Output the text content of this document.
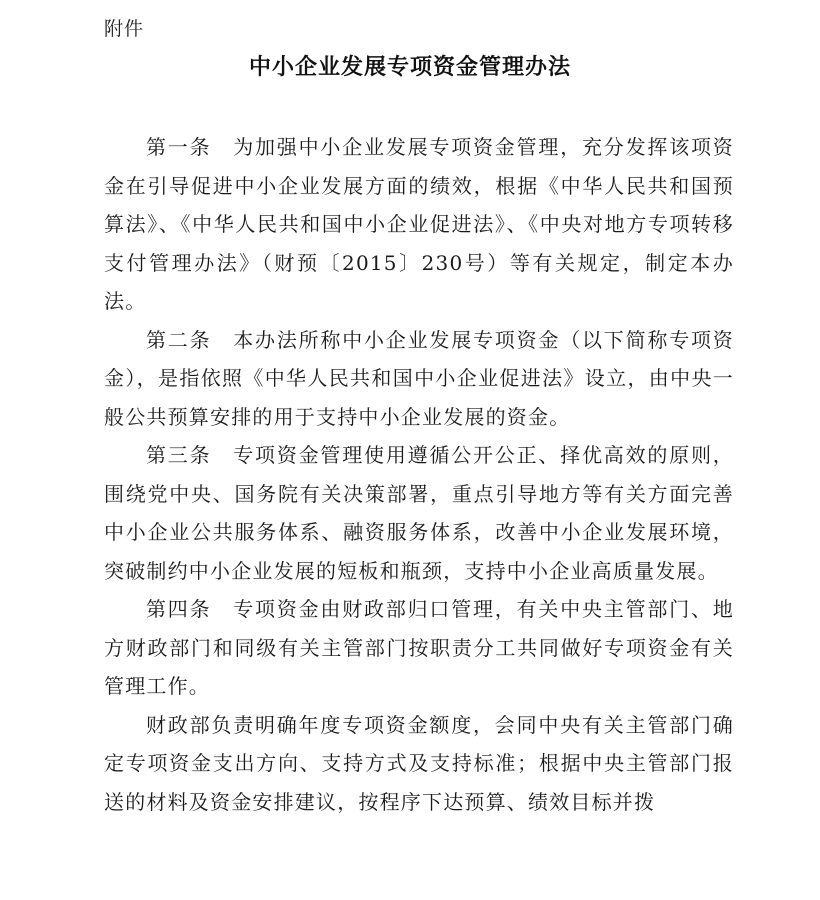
附件
中小企业发展专项资金管理办法

第一条　 为加强中小企业发展专项资金管理，充分发挥该项资金在引导促进中小企业发展方面的绩效，根据《中华人民共和国预算法》、《中华人民共和国中小企业促进法》、《中央对地方专项转移支付管理办法》（财预〔2015〕230号）等有关规定，制定本办法。

第二条　 本办法所称中小企业发展专项资金（以下简称专项资金），是指依照《中华人民共和国中小企业促进法》设立，由中央一般公共预算安排的用于支持中小企业发展的资金。

第三条　 专项资金管理使用遵循公开公正、择优高效的原则，围绕党中央、国务院有关决策部署，重点引导地方等有关方面完善中小企业公共服务体系、融资服务体系，改善中小企业发展环境，突破制约中小企业发展的短板和瓶颈，支持中小企业高质量发展。

第四条　 专项资金由财政部归口管理，有关中央主管部门、地方财政部门和同级有关主管部门按职责分工共同做好专项资金有关管理工作。

财政部负责明确年度专项资金额度，会同中央有关主管部门确定专项资金支出方向、支持方式及支持标准；根据中央主管部门报送的材料及资金安排建议，按程序下达预算、绩效目标并拨
